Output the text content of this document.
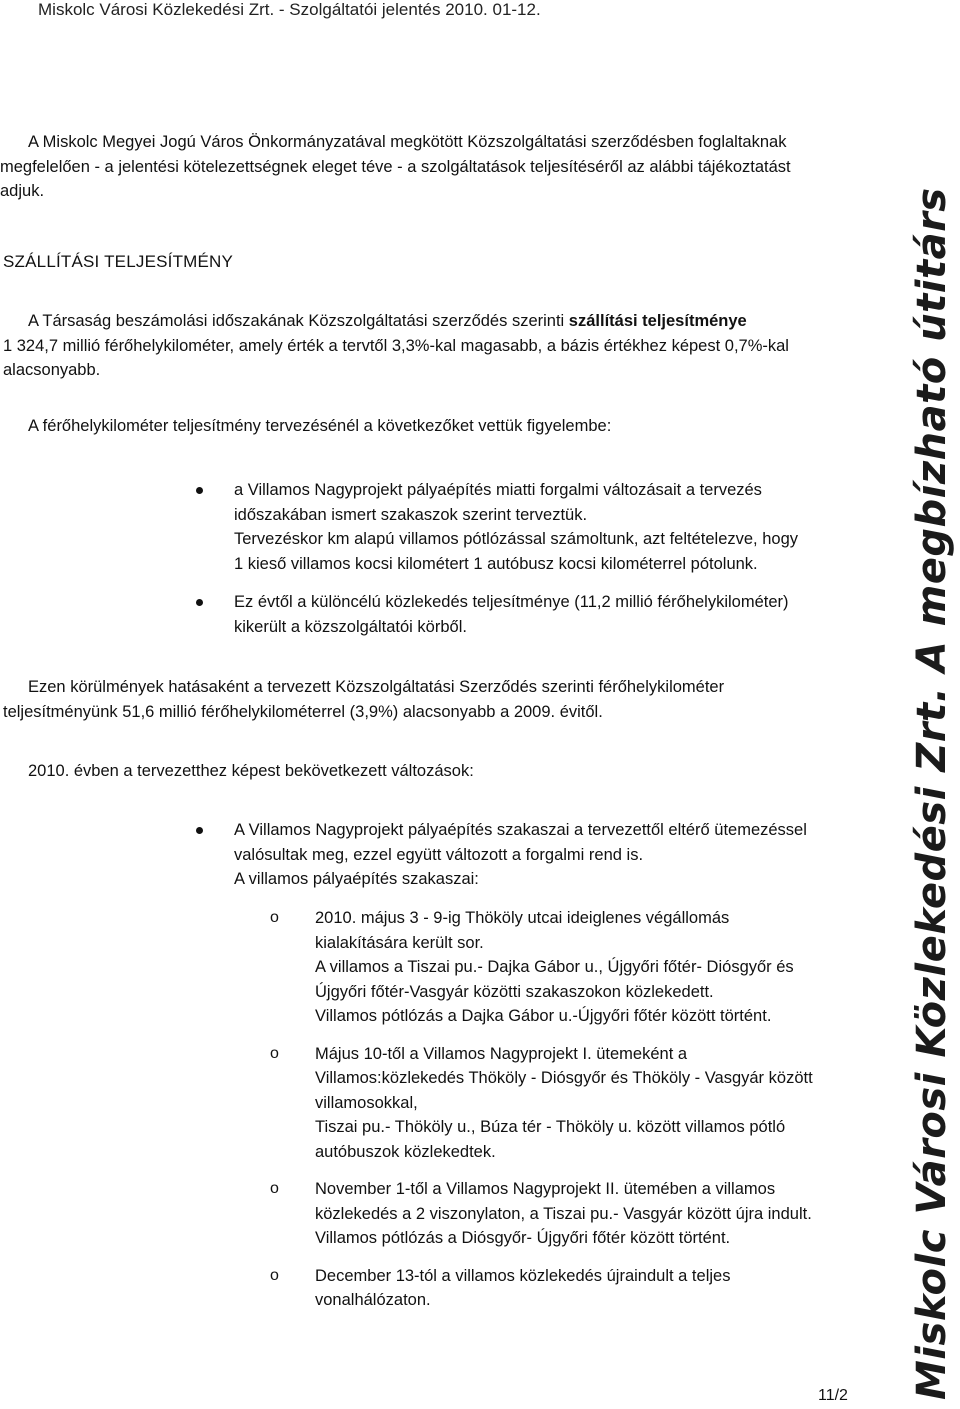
Miskolc Városi Közlekedési Zrt. - Szolgáltatói jelentés 2010. 01-12.
A Miskolc Megyei Jogú Város Önkormányzatával megkötött Közszolgáltatási szerződésben foglaltaknak
megfelelően - a jelentési kötelezettségnek eleget téve - a szolgáltatások teljesítéséről az alábbi tájékoztatást
adjuk.
SZÁLLÍTÁSI TELJESÍTMÉNY
A Társaság beszámolási időszakának Közszolgáltatási szerződés szerinti szállítási teljesítménye
1 324,7 millió férőhelykilométer, amely érték a tervtől 3,3%-kal magasabb, a bázis értékhez képest 0,7%-kal
alacsonyabb.
A férőhelykilométer teljesítmény tervezésénél a következőket vettük figyelembe:
a Villamos Nagyprojekt pályaépítés miatti forgalmi változásait a tervezés
időszakában ismert szakaszok szerint terveztük.
Tervezéskor km alapú villamos pótlózással számoltunk, azt feltételezve, hogy
1 kieső villamos kocsi kilométert 1 autóbusz kocsi kilométerrel pótolunk.
Ez évtől a különcélú közlekedés teljesítménye (11,2 millió férőhelykilométer)
kikerült a közszolgáltatói körből.
Ezen körülmények hatásaként a tervezett Közszolgáltatási Szerződés szerinti férőhelykilométer
teljesítményünk 51,6 millió férőhelykilométerrel (3,9%) alacsonyabb a 2009. évitől.
2010. évben a tervezetthez képest bekövetkezett változások:
A Villamos Nagyprojekt pályaépítés szakaszai a tervezettől eltérő ütemezéssel
valósultak meg, ezzel együtt változott a forgalmi rend is.
A villamos pályaépítés szakaszai:
o 2010. május 3 - 9-ig Thököly utcai ideiglenes végállomás
kialakítására került sor.
A villamos a Tiszai pu.- Dajka Gábor u., Újgyőri főtér- Diósgyőr és
Újgyőri főtér-Vasgyár közötti szakaszokon közlekedett.
Villamos pótlózás a Dajka Gábor u.-Újgyőri főtér között történt.
o Május 10-től a Villamos Nagyprojekt I. ütemeként a
Villamos:közlekedés Thököly - Diósgyőr és Thököly - Vasgyár között
villamosokkal,
Tiszai pu.- Thököly u., Búza tér - Thököly u. között villamos pótló
autóbuszok közlekedtek.
o November 1-től a Villamos Nagyprojekt II. ütemében a villamos
közlekedés a 2 viszonylaton, a Tiszai pu.- Vasgyár között újra indult.
Villamos pótlózás a Diósgyőr- Újgyőri főtér között történt.
o December 13-tól a villamos közlekedés újraindult a teljes
vonalhálózaton.
11/2 Miskolc Városi Közlekedési Zrt. A megbízható útitárs
